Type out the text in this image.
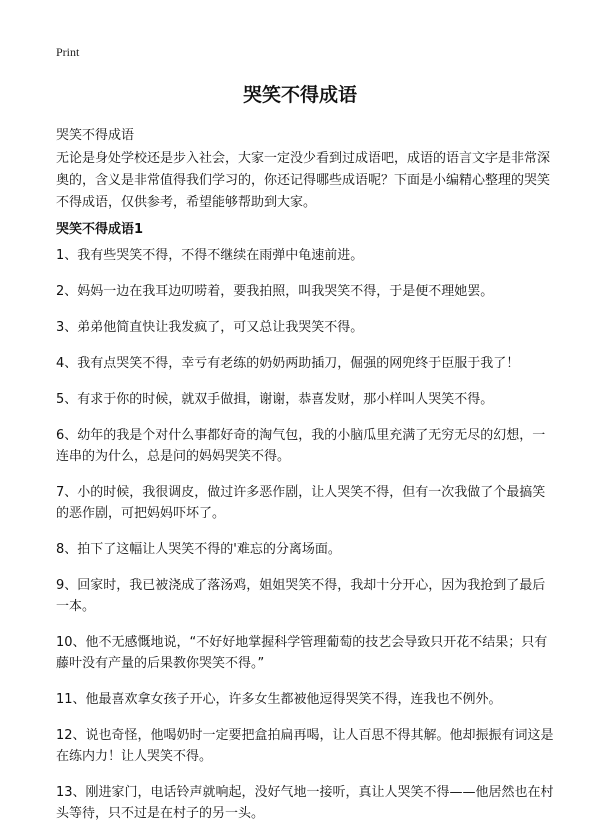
Print
哭笑不得成语

哭笑不得成语

无论是身处学校还是步入社会，大家一定没少看到过成语吧，成语的语言文字是非常深奥的，含义是非常值得我们学习的，你还记得哪些成语呢？下面是小编精心整理的哭笑不得成语，仅供参考，希望能够帮助到大家。

哭笑不得成语1
1、我有些哭笑不得，不得不继续在雨弹中龟速前进。
2、妈妈一边在我耳边叨唠着，要我拍照，叫我哭笑不得，于是便不理她罢。
3、弟弟他简直快让我发疯了，可又总让我哭笑不得。
4、我有点哭笑不得，幸亏有老练的奶奶两助插刀，倔强的网兜终于臣服于我了！
5、有求于你的时候，就双手做揖，谢谢，恭喜发财，那小样叫人哭笑不得。
6、幼年的我是个对什么事都好奇的淘气包，我的小脑瓜里充满了无穷无尽的幻想，一连串的为什么，总是问的妈妈哭笑不得。
7、小的时候，我很调皮，做过许多恶作剧，让人哭笑不得，但有一次我做了个最搞笑的恶作剧，可把妈妈吓坏了。
8、拍下了这幅让人哭笑不得的'难忘的分离场面。
9、回家时，我已被浇成了落汤鸡，姐姐哭笑不得，我却十分开心，因为我抢到了最后一本。
10、他不无感慨地说，“不好好地掌握科学管理葡萄的技艺会导致只开花不结果；只有藤叶没有产量的后果教你哭笑不得。”
11、他最喜欢拿女孩子开心，许多女生都被他逗得哭笑不得，连我也不例外。
12、说也奇怪，他喝奶时一定要把盒拍扁再喝，让人百思不得其解。他却振振有词这是在练内力！让人哭笑不得。
13、刚进家门，电话铃声就响起，没好气地一接听，真让人哭笑不得——他居然也在村头等待，只不过是在村子的另一头。
